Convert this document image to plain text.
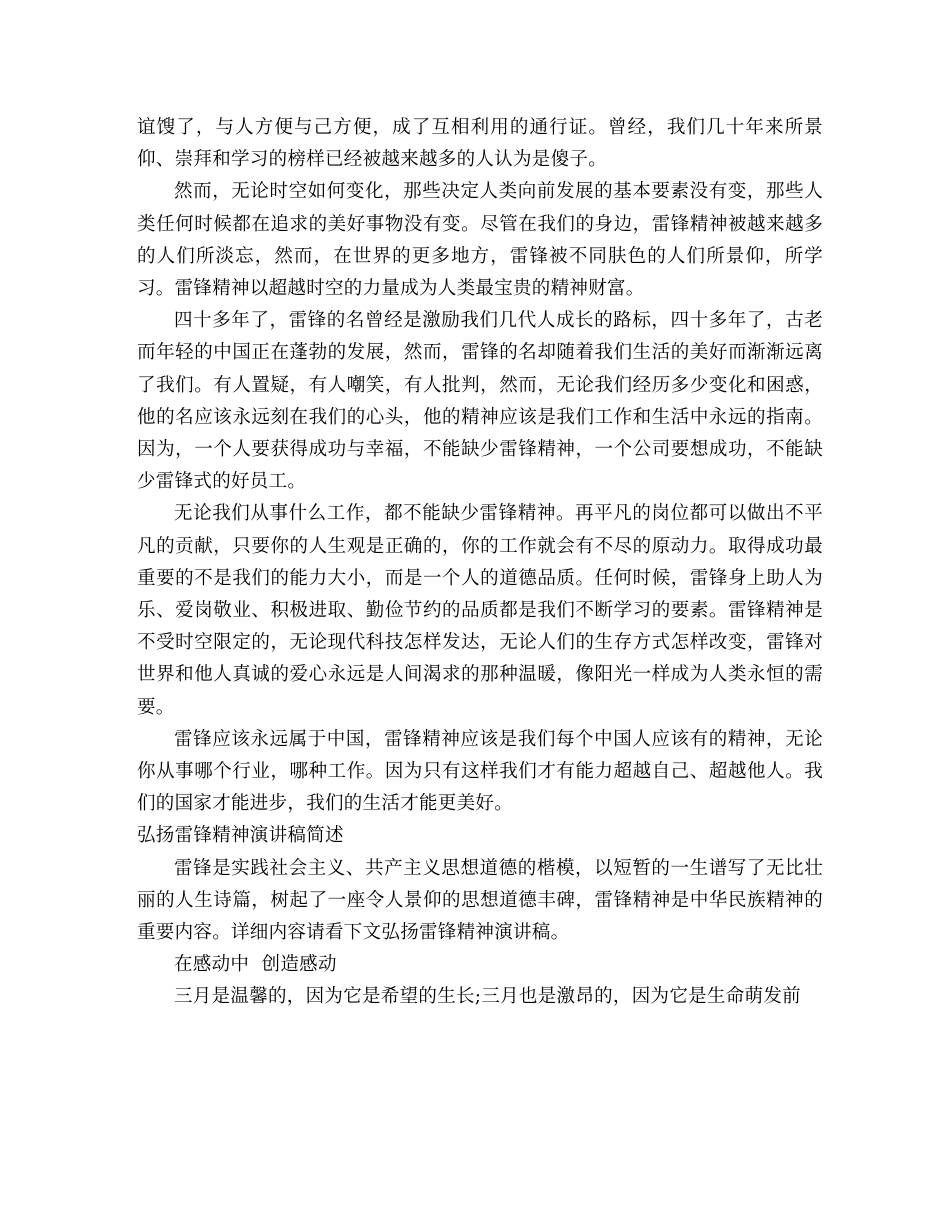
谊馊了，与人方便与己方便，成了互相利用的通行证。曾经，我们几十年来所景仰、崇拜和学习的榜样已经被越来越多的人认为是傻子。

然而，无论时空如何变化，那些决定人类向前发展的基本要素没有变，那些人类任何时候都在追求的美好事物没有变。尽管在我们的身边，雷锋精神被越来越多的人们所淡忘，然而，在世界的更多地方，雷锋被不同肤色的人们所景仰，所学习。雷锋精神以超越时空的力量成为人类最宝贵的精神财富。

四十多年了，雷锋的名曾经是激励我们几代人成长的路标，四十多年了，古老而年轻的中国正在蓬勃的发展，然而，雷锋的名却随着我们生活的美好而渐渐远离了我们。有人置疑，有人嘲笑，有人批判，然而，无论我们经历多少变化和困惑，他的名应该永远刻在我们的心头，他的精神应该是我们工作和生活中永远的指南。因为，一个人要获得成功与幸福，不能缺少雷锋精神，一个公司要想成功，不能缺少雷锋式的好员工。

无论我们从事什么工作，都不能缺少雷锋精神。再平凡的岗位都可以做出不平凡的贡献，只要你的人生观是正确的，你的工作就会有不尽的原动力。取得成功最重要的不是我们的能力大小，而是一个人的道德品质。任何时候，雷锋身上助人为乐、爱岗敬业、积极进取、勤俭节约的品质都是我们不断学习的要素。雷锋精神是不受时空限定的，无论现代科技怎样发达，无论人们的生存方式怎样改变，雷锋对世界和他人真诚的爱心永远是人间渴求的那种温暖，像阳光一样成为人类永恒的需要。

雷锋应该永远属于中国，雷锋精神应该是我们每个中国人应该有的精神，无论你从事哪个行业，哪种工作。因为只有这样我们才有能力超越自己、超越他人。我们的国家才能进步，我们的生活才能更美好。

弘扬雷锋精神演讲稿简述

雷锋是实践社会主义、共产主义思想道德的楷模，以短暂的一生谱写了无比壮丽的人生诗篇，树起了一座令人景仰的思想道德丰碑，雷锋精神是中华民族精神的重要内容。详细内容请看下文弘扬雷锋精神演讲稿。

在感动中  创造感动

三月是温馨的，因为它是希望的生长;三月也是激昂的，因为它是生命萌发前
